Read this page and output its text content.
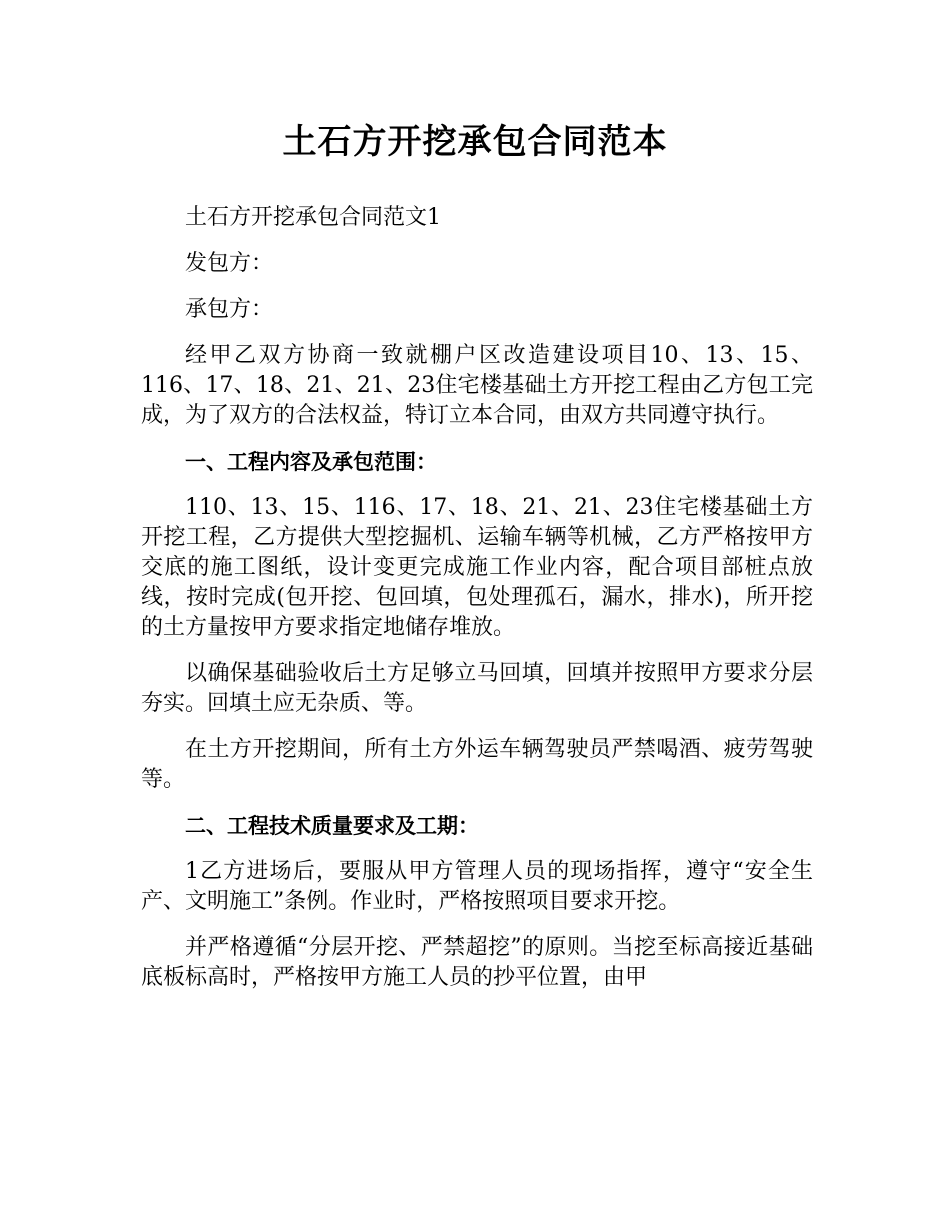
土石方开挖承包合同范本

土石方开挖承包合同范文1

发包方：

承包方：

经甲乙双方协商一致就棚户区改造建设项目10、13、15、116、17、18、21、21、23住宅楼基础土方开挖工程由乙方包工完成，为了双方的合法权益，特订立本合同，由双方共同遵守执行。

一、工程内容及承包范围：

110、13、15、116、17、18、21、21、23住宅楼基础土方开挖工程，乙方提供大型挖掘机、运输车辆等机械，乙方严格按甲方交底的施工图纸，设计变更完成施工作业内容，配合项目部桩点放线，按时完成(包开挖、包回填，包处理孤石，漏水，排水)，所开挖的土方量按甲方要求指定地储存堆放。

以确保基础验收后土方足够立马回填，回填并按照甲方要求分层夯实。回填土应无杂质、等。

在土方开挖期间，所有土方外运车辆驾驶员严禁喝酒、疲劳驾驶等。

二、工程技术质量要求及工期：

1乙方进场后，要服从甲方管理人员的现场指挥，遵守“安全生产、文明施工”条例。作业时，严格按照项目要求开挖。

并严格遵循“分层开挖、严禁超挖”的原则。当挖至标高接近基础底板标高时，严格按甲方施工人员的抄平位置，由甲
